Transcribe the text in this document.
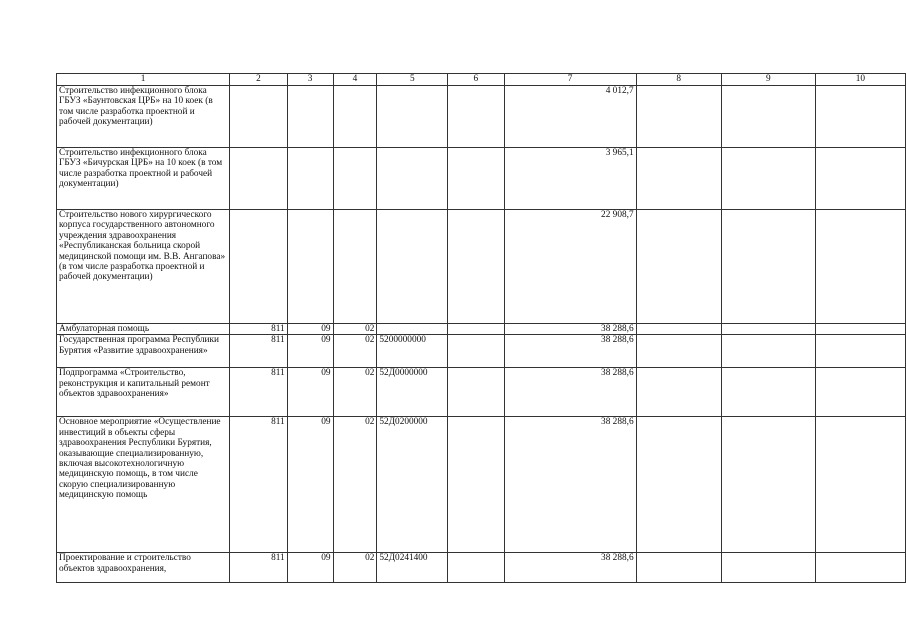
1	2	3	4	5	6	7	8	9	10
Строительство инфекционного блока ГБУЗ «Баунтовская ЦРБ» на 10 коек (в том числе разработка проектной и рабочей документации)						4 012,7			
Строительство инфекционного блока ГБУЗ «Бичурская ЦРБ» на 10 коек (в том числе разработка проектной и рабочей документации)						3 965,1			
Строительство нового хирургического корпуса государственного автономного учреждения здравоохранения «Республиканская больница скорой медицинской помощи им. В.В. Ангапова» (в том числе разработка проектной и рабочей документации)						22 908,7			
Амбулаторная помощь	811	09	02			38 288,6			
Государственная программа Республики Бурятия «Развитие здравоохранения»	811	09	02	5200000000		38 288,6			
Подпрограмма «Строительство, реконструкция и капитальный ремонт объектов здравоохранения»	811	09	02	52Д0000000		38 288,6			
Основное мероприятие «Осуществление инвестиций в объекты сферы здравоохранения Республики Бурятия, оказывающие специализированную, включая высокотехнологичную медицинскую помощь, в том числе скорую специализированную медицинскую помощь	811	09	02	52Д0200000		38 288,6			
Проектирование и строительство объектов здравоохранения,	811	09	02	52Д0241400		38 288,6			
